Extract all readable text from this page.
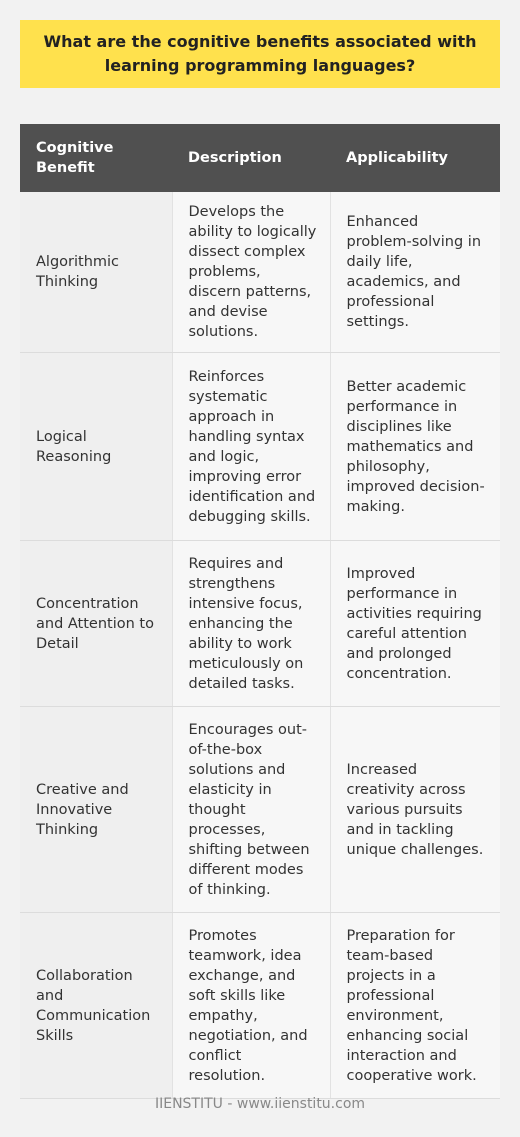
What are the cognitive benefits associated with learning programming languages?
Cognitive Benefit	Description	Applicability
Algorithmic Thinking	Develops the ability to logically dissect complex problems, discern patterns, and devise solutions.	Enhanced problem-solving in daily life, academics, and professional settings.
Logical Reasoning	Reinforces systematic approach in handling syntax and logic, improving error identification and debugging skills.	Better academic performance in disciplines like mathematics and philosophy, improved decision-making.
Concentration and Attention to Detail	Requires and strengthens intensive focus, enhancing the ability to work meticulously on detailed tasks.	Improved performance in activities requiring careful attention and prolonged concentration.
Creative and Innovative Thinking	Encourages out-of-the-box solutions and elasticity in thought processes, shifting between different modes of thinking.	Increased creativity across various pursuits and in tackling unique challenges.
Collaboration and Communication Skills	Promotes teamwork, idea exchange, and soft skills like empathy, negotiation, and conflict resolution.	Preparation for team-based projects in a professional environment, enhancing social interaction and cooperative work.
IIENSTITU - www.iienstitu.com
